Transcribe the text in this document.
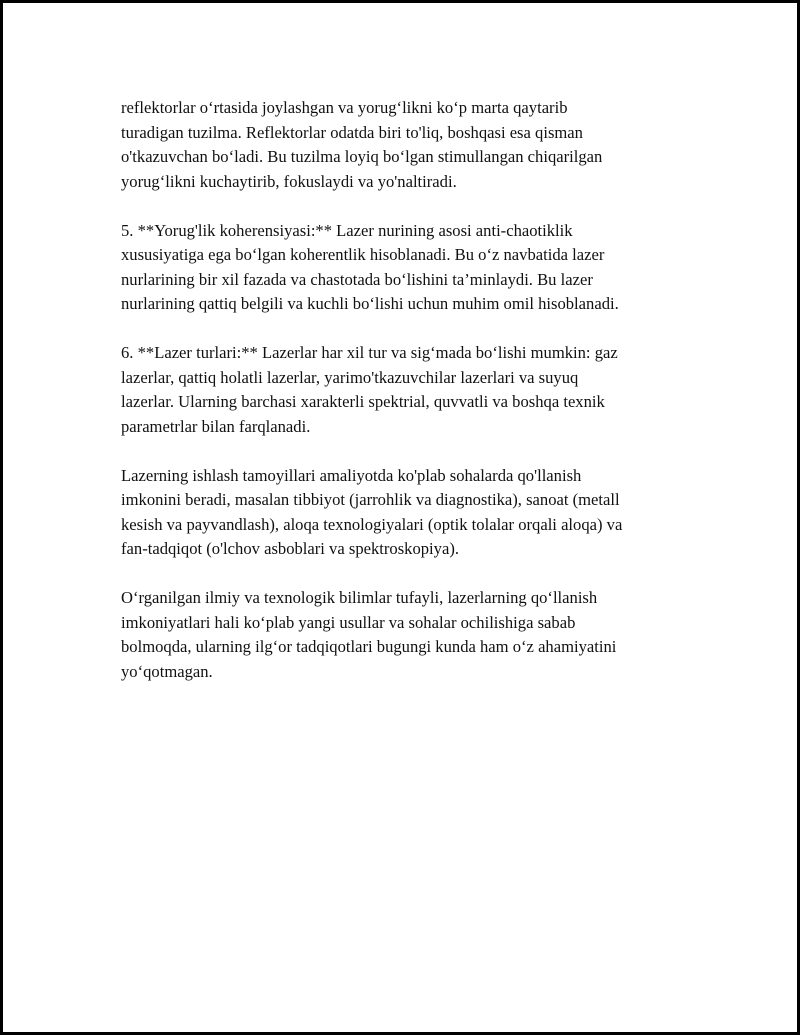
reflektorlar o‘rtasida joylashgan va yorug‘likni ko‘p marta qaytarib
turadigan tuzilma. Reflektorlar odatda biri to'liq, boshqasi esa qisman
o'tkazuvchan bo‘ladi. Bu tuzilma loyiq bo‘lgan stimullangan chiqarilgan
yorug‘likni kuchaytirib, fokuslaydi va yo'naltiradi.

5. **Yorug'lik koherensiyasi:** Lazer nurining asosi anti-chaotiklik
xususiyatiga ega bo‘lgan koherentlik hisoblanadi. Bu o‘z navbatida lazer
nurlarining bir xil fazada va chastotada bo‘lishini ta’minlaydi. Bu lazer
nurlarining qattiq belgili va kuchli bo‘lishi uchun muhim omil hisoblanadi.

6. **Lazer turlari:** Lazerlar har xil tur va sig‘mada bo‘lishi mumkin: gaz
lazerlar, qattiq holatli lazerlar, yarimo'tkazuvchilar lazerlari va suyuq
lazerlar. Ularning barchasi xarakterli spektrial, quvvatli va boshqa texnik
parametrlar bilan farqlanadi.

Lazerning ishlash tamoyillari amaliyotda ko'plab sohalarda qo'llanish
imkonini beradi, masalan tibbiyot (jarrohlik va diagnostika), sanoat (metall
kesish va payvandlash), aloqa texnologiyalari (optik tolalar orqali aloqa) va
fan-tadqiqot (o'lchov asboblari va spektroskopiya).

O‘rganilgan ilmiy va texnologik bilimlar tufayli, lazerlarning qo‘llanish
imkoniyatlari hali ko‘plab yangi usullar va sohalar ochilishiga sabab
bolmoqda, ularning ilg‘or tadqiqotlari bugungi kunda ham o‘z ahamiyatini
yo‘qotmagan.
